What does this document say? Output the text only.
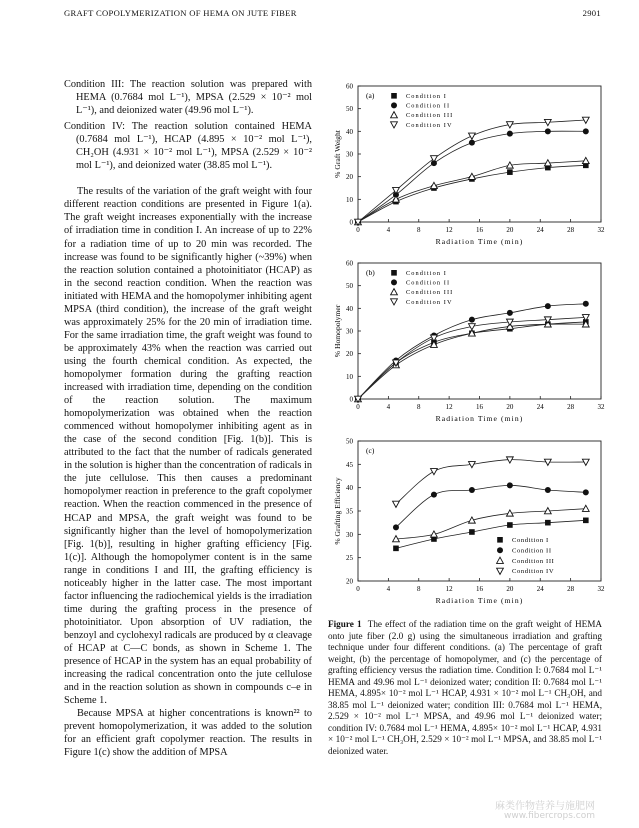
GRAFT COPOLYMERIZATION OF HEMA ON JUTE FIBER	2901

Condition III: The reaction solution was prepared with HEMA (0.7684 mol L⁻¹), MPSA (2.529 × 10⁻² mol L⁻¹), and deionized water (49.96 mol L⁻¹).

Condition IV: The reaction solution contained HEMA (0.7684 mol L⁻¹), HCAP (4.895 × 10⁻² mol L⁻¹), CH₂OH (4.931 × 10⁻² mol L⁻¹), MPSA (2.529 × 10⁻² mol L⁻¹), and deionized water (38.85 mol L⁻¹).

The results of the variation of the graft weight with four different reaction conditions are presented in Figure 1(a). The graft weight increases exponentially with the increase of irradiation time in condition I. An increase of up to 22% for a radiation time of up to 20 min was recorded. The increase was found to be significantly higher (~39%) when the reaction solution contained a photoinitiator (HCAP) as in the second reaction condition. When the reaction was initiated with HEMA and the homopolymer inhibiting agent MPSA (third condition), the increase of the graft weight was approximately 25% for the 20 min of irradiation time. For the same irradiation time, the graft weight was found to be approximately 43% when the reaction was carried out using the fourth chemical condition. As expected, the homopolymer formation during the grafting reaction increased with irradiation time, depending on the condition of the reaction solution. The maximum homopolymerization was obtained when the reaction commenced without homopolymer inhibiting agent as in the case of the second condition [Fig. 1(b)]. This is attributed to the fact that the number of radicals generated in the solution is higher than the concentration of radicals in the jute cellulose. This then causes a predominant homopolymer reaction in preference to the graft copolymer reaction. When the reaction commenced in the presence of HCAP and MPSA, the graft weight was found to be significantly higher than the level of homopolymerization [Fig. 1(b)], resulting in higher grafting efficiency [Fig. 1(c)]. Although the homopolymer content is in the same range in conditions I and III, the grafting efficiency is noticeably higher in the latter case. The most important factor influencing the radiochemical yields is the irradiation time during the grafting process in the presence of photoinitiator. Upon absorption of UV radiation, the benzoyl and cyclohexyl radicals are produced by α cleavage of HCAP at C—C bonds, as shown in Scheme 1. The presence of HCAP in the system has an equal probability of increasing the radical concentration onto the jute cellulose and in the reaction solution as shown in compounds c–e in Scheme 1.

Because MPSA at higher concentrations is known²² to prevent homopolymerization, it was added to the solution for an efficient graft copolymer reaction. The results in Figure 1(c) show the addition of MPSA

0	4	8	12	16	20	24	28	32
0
10
20
30
40
50
60
Radiation Time (min)
% Graft Weight
(a)	Condition I
Condition II
Condition III
Condition IV
0	4	8	12	16	20	24	28	32
0
10
20
30
40
50
60
Radiation Time (min)
% Homopolymer
(b)	Condition I
Condition II
Condition III
Condition IV
0	4	8	12	16	20	24	28	32
20
25
30
35
40
45
50
Radiation Time (min)
% Grafting Efficiency
(c)
Condition I
Condition II
Condition III
Condition IV
Figure 1 The effect of the radiation time on the graft weight of HEMA onto jute fiber (2.0 g) using the simultaneous irradiation and grafting technique under four different conditions. (a) The percentage of graft weight, (b) the percentage of homopolymer, and (c) the percentage of grafting efficiency versus the radiation time. Condition I: 0.7684 mol L⁻¹ HEMA and 49.96 mol L⁻¹ deionized water; condition II: 0.7684 mol L⁻¹ HEMA, 4.895× 10⁻² mol L⁻¹ HCAP, 4.931 × 10⁻² mol L⁻¹ CH₃OH, and 38.85 mol L⁻¹ deionized water; condition III: 0.7684 mol L⁻¹ HEMA, 2.529 × 10⁻² mol L⁻¹ MPSA, and 49.96 mol L⁻¹ deionized water; condition IV: 0.7684 mol L⁻¹ HEMA, 4.895× 10⁻² mol L⁻¹ HCAP, 4.931 × 10⁻² mol L⁻¹ CH₃OH, 2.529 × 10⁻² mol L⁻¹ MPSA, and 38.85 mol L⁻¹ deionized water.
麻类作物营养与施肥网
www.fibercrops.com
